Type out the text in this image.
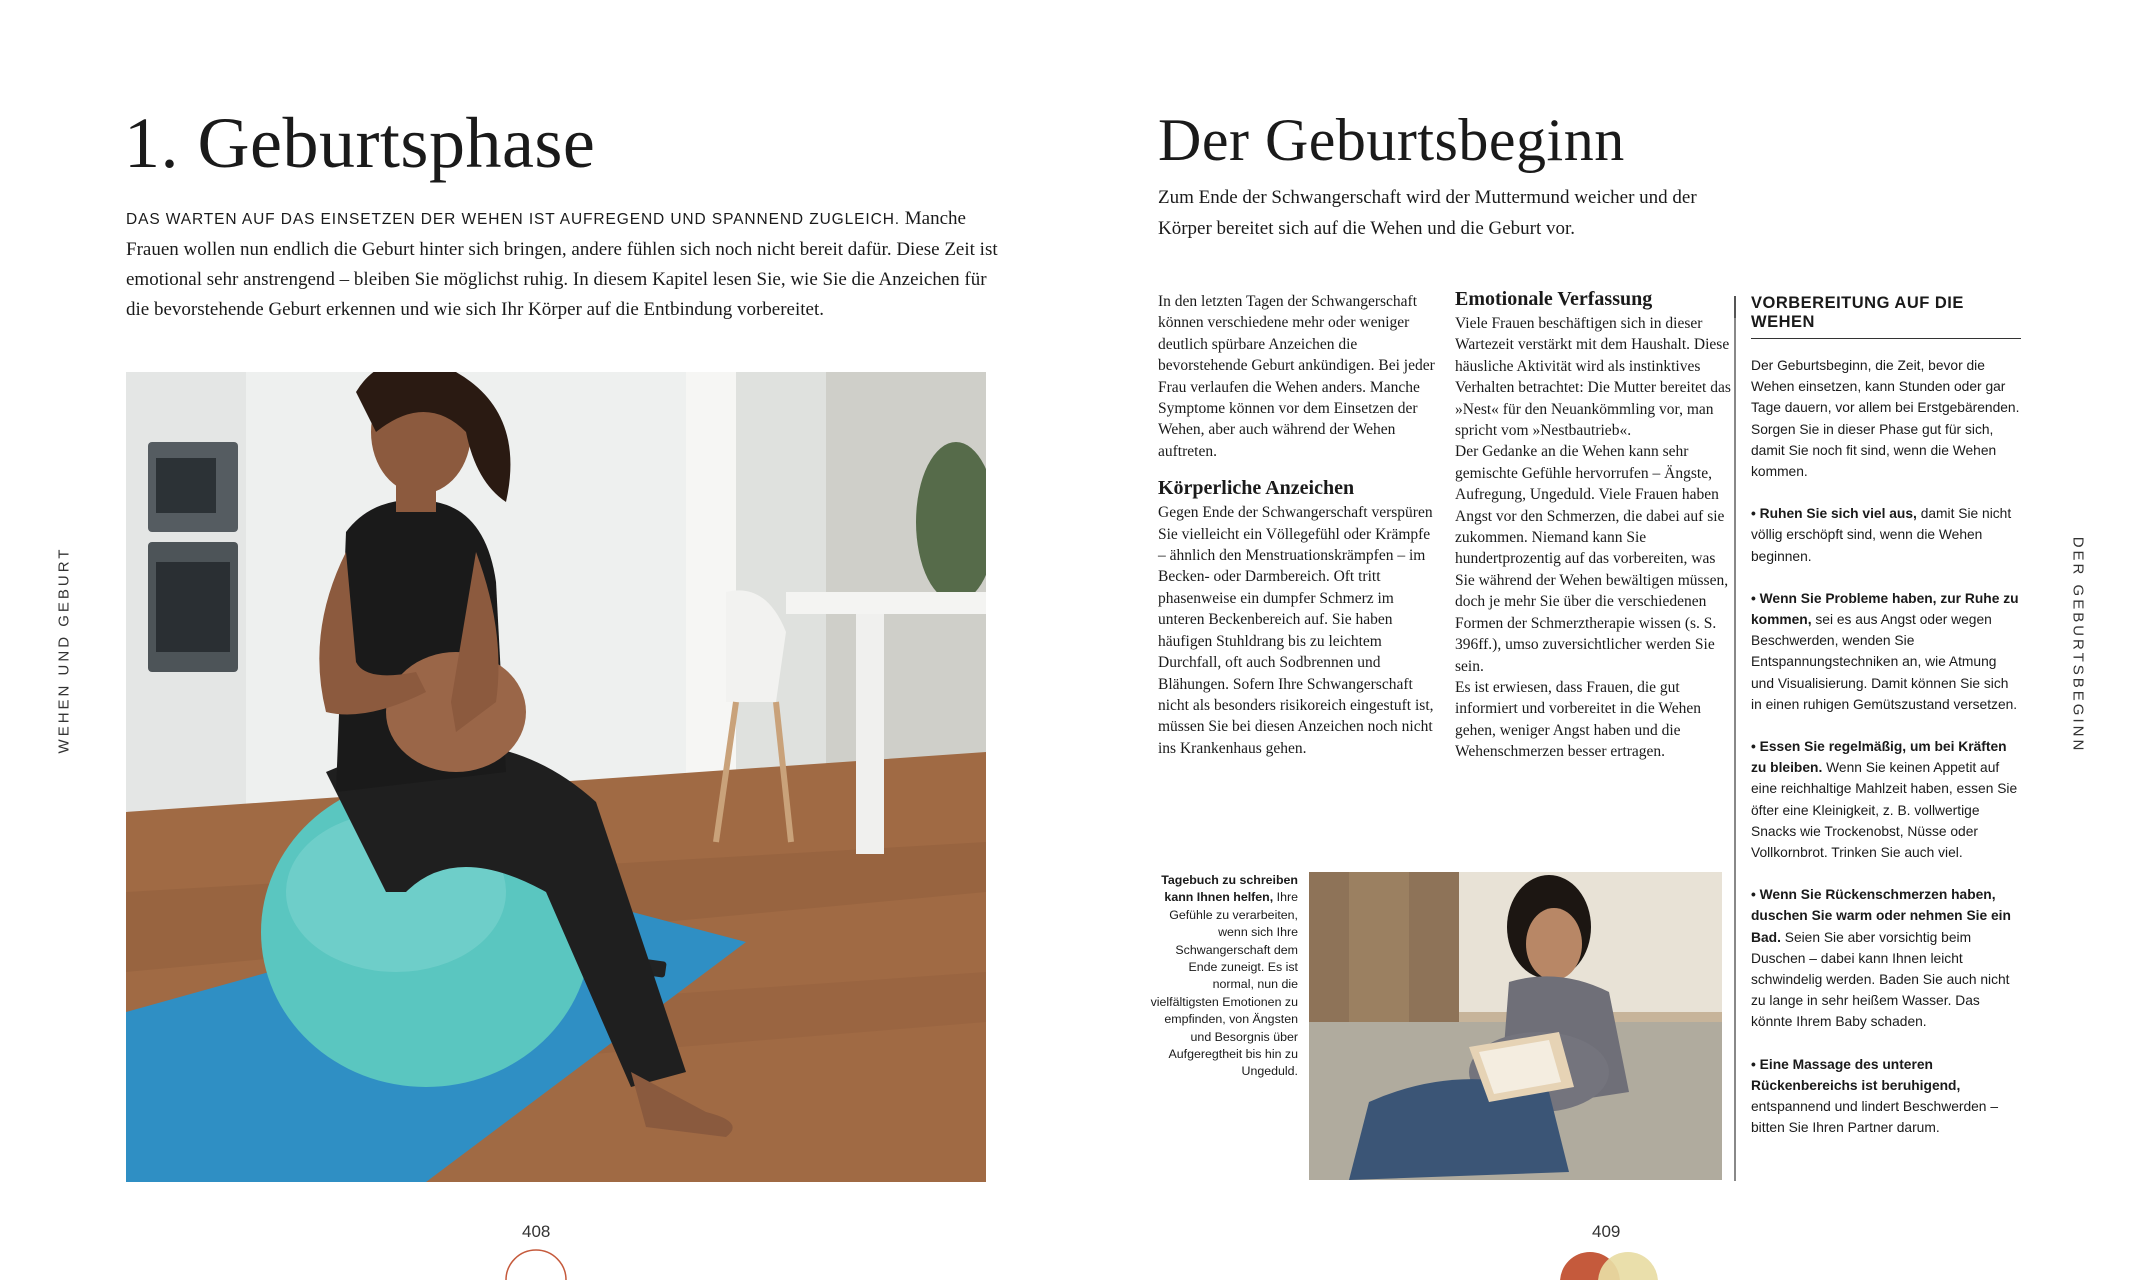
1. Geburtsphase
DAS WARTEN AUF DAS EINSETZEN DER WEHEN IST AUFREGEND UND SPANNEND ZUGLEICH. Manche Frauen wollen nun endlich die Geburt hinter sich bringen, andere fühlen sich noch nicht bereit dafür. Diese Zeit ist emotional sehr anstrengend – bleiben Sie möglichst ruhig. In diesem Kapitel lesen Sie, wie Sie die Anzeichen für die bevorstehende Geburt erkennen und wie sich Ihr Körper auf die Entbindung vorbereitet.
WEHEN UND GEBURT
408
Der Geburtsbeginn
Zum Ende der Schwangerschaft wird der Muttermund weicher und der Körper bereitet sich auf die Wehen und die Geburt vor.

In den letzten Tagen der Schwangerschaft können verschiedene mehr oder weniger deutlich spürbare Anzeichen die bevorstehende Geburt ankündigen. Bei jeder Frau verlaufen die Wehen anders. Manche Symptome können vor dem Einsetzen der Wehen, aber auch während der Wehen auftreten.

Körperliche Anzeichen

Gegen Ende der Schwangerschaft verspüren Sie vielleicht ein Völlegefühl oder Krämpfe – ähnlich den Menstruationskrämpfen – im Becken- oder Darmbereich. Oft tritt phasenweise ein dumpfer Schmerz im unteren Beckenbereich auf. Sie haben häufigen Stuhldrang bis zu leichtem Durchfall, oft auch Sodbrennen und Blähungen. Sofern Ihre Schwangerschaft nicht als besonders risikoreich eingestuft ist, müssen Sie bei diesen Anzeichen noch nicht ins Krankenhaus gehen.

Emotionale Verfassung

Viele Frauen beschäftigen sich in dieser Wartezeit verstärkt mit dem Haushalt. Diese häusliche Aktivität wird als instinktives Verhalten betrachtet: Die Mutter bereitet das »Nest« für den Neuankömmling vor, man spricht vom »Nestbautrieb«.

Der Gedanke an die Wehen kann sehr gemischte Gefühle hervorrufen – Ängste, Aufregung, Ungeduld. Viele Frauen haben Angst vor den Schmerzen, die dabei auf sie zukommen. Niemand kann Sie hundertprozentig auf das vorbereiten, was Sie während der Wehen bewältigen müssen, doch je mehr Sie über die verschiedenen Formen der Schmerztherapie wissen (s. S. 396ff.), umso zuversichtlicher werden Sie sein.

Es ist erwiesen, dass Frauen, die gut informiert und vorbereitet in die Wehen gehen, weniger Angst haben und die Wehenschmerzen besser ertragen.

Tagebuch zu schreiben kann Ihnen helfen, Ihre Gefühle zu verarbeiten, wenn sich Ihre Schwangerschaft dem Ende zuneigt. Es ist normal, nun die vielfältigsten Emotionen zu empfinden, von Ängsten und Besorgnis über Aufgeregtheit bis hin zu Ungeduld.
VORBEREITUNG AUF DIE WEHEN

Der Geburtsbeginn, die Zeit, bevor die Wehen einsetzen, kann Stunden oder gar Tage dauern, vor allem bei Erstgebärenden. Sorgen Sie in dieser Phase gut für sich, damit Sie noch fit sind, wenn die Wehen kommen.

• Ruhen Sie sich viel aus, damit Sie nicht völlig erschöpft sind, wenn die Wehen beginnen.

• Wenn Sie Probleme haben, zur Ruhe zu kommen, sei es aus Angst oder wegen Beschwerden, wenden Sie Entspannungstechniken an, wie Atmung und Visualisierung. Damit können Sie sich in einen ruhigen Gemütszustand versetzen.

• Essen Sie regelmäßig, um bei Kräften zu bleiben. Wenn Sie keinen Appetit auf eine reichhaltige Mahlzeit haben, essen Sie öfter eine Kleinigkeit, z. B. vollwertige Snacks wie Trockenobst, Nüsse oder Vollkornbrot. Trinken Sie auch viel.

• Wenn Sie Rückenschmerzen haben, duschen Sie warm oder nehmen Sie ein Bad. Seien Sie aber vorsichtig beim Duschen – dabei kann Ihnen leicht schwindelig werden. Baden Sie auch nicht zu lange in sehr heißem Wasser. Das könnte Ihrem Baby schaden.

• Eine Massage des unteren Rückenbereichs ist beruhigend, entspannend und lindert Beschwerden – bitten Sie Ihren Partner darum.

DER GEBURTSBEGINN
409
